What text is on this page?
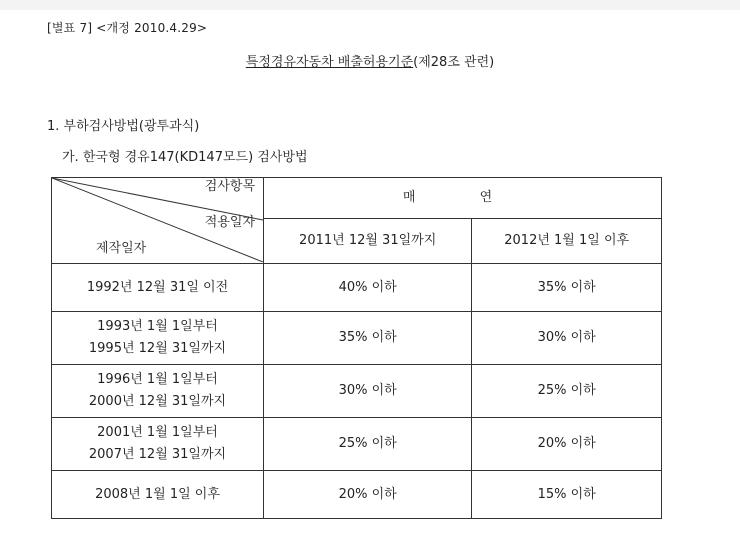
[별표 7] <개정 2010.4.29>
특정경유자동차 배출허용기준(제28조 관련)
1. 부하검사방법(광투과식)
가. 한국형 경유147(KD147모드) 검사방법
검사항목
적용일자
제작일자	매 연	
	2011년 12월 31일까지	2012년 1월 1일 이후
1992년 12월 31일 이전	40% 이하	35% 이하

1993년 1월 1일부터
1995년 12월 31일까지	35% 이하	30% 이하

1996년 1월 1일부터
2000년 12월 31일까지	30% 이하	25% 이하

2001년 1월 1일부터
2007년 12월 31일까지	25% 이하	20% 이하
2008년 1월 1일 이후	20% 이하	15% 이하
